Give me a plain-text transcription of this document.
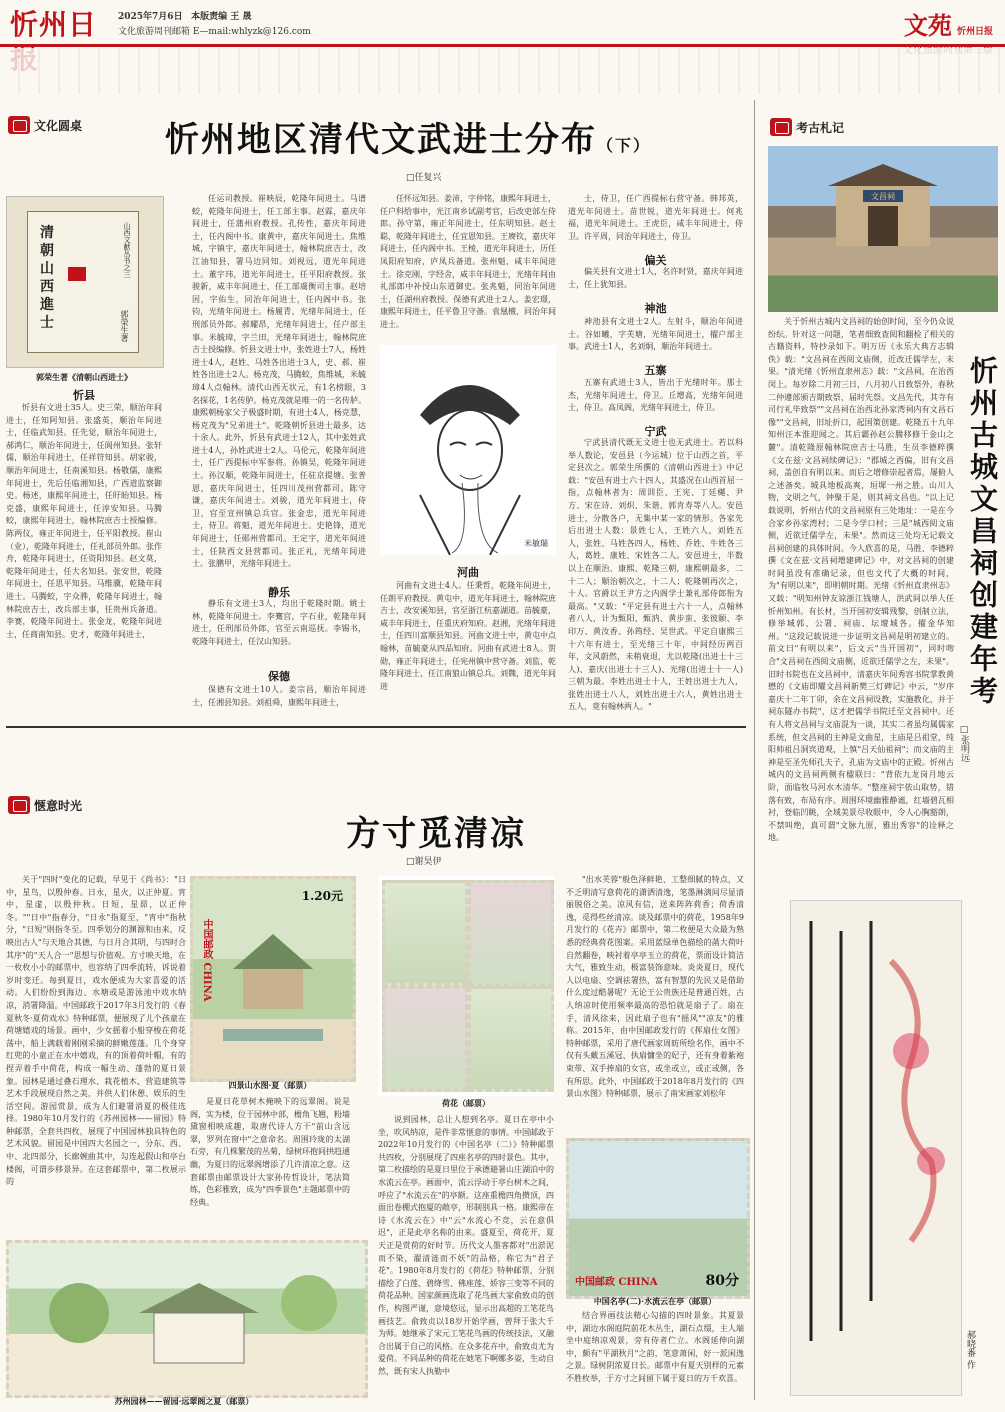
忻州日	2025年7月6日 本版责编 王 晟
文化旅游周刊邮箱 E—mail:whlyzk@126.com	文苑 忻州日报
文化圆桌 忻州地区清代文武进士分布（下）
□任复兴
清朝山西進士
山西文献丛书之三
郭榮生著
郭荣生著《清朝山西进士》
忻县

忻县有文进士35人。史三荣，顺治年间进士，任知阿知县。张盛英，顺治年间进士，任临武知县。任先觉，顺治年间进士，郝鸿仁，顺治年间进士，任阆州知县。张轩儒，顺治年间进士，任祥符知县。胡家骏，顺治年间进士，任南溪知县。杨敬儒，康熙年间进士，先后任临湘知县，广西道监察御史。杨述，康熙年间进士，任盱眙知县。杨克盛，康熙年间进士，任淳安知县。马腾蛟，康熙年间进士，翰林院庶吉士授编修。陈两仪，雍正年间进士，任平阳教授。崔山（业），乾隆年间进士，任礼部员外郎。张作舟，乾隆年间进士，任资阳知县。赵文莫，乾隆年间进士，任大名知县。张安世，乾隆年间进士，任思平知县。马维骥，乾隆年间进士。马腾蛟，字众骅，乾隆年间进士，翰林院庶吉士，改兵部主事，任贵州兵备道。李赛，乾隆年间进士。张金龙，乾隆年间进士，任商南知县。史才，乾隆年间进士，

任运司教授。崔映辰，乾隆年间进士。马谱蛟，乾隆年间进士，任工部主事。赵霖，嘉庆年间进士，任蒲州府教授。孔传性，嘉庆年间进士，任内阁中书。康黄中，嘉庆年间进士。焦维城，字镇宇，嘉庆年间进士，翰林院庶吉士，改江油知县，署马边同知。刘视远，道光年间进士。董宇玮，道光年间进士，任平阳府教授。张骏新，咸丰年间进士，任工部虞衡司主事。赵培因，字佑生，同治年间进士，任内阁中书。张钧，光绪年间进士。杨履青，光绪年间进士，任刑部员外郎。郝耀昂，光绪年间进士，任户部主事。米毓璋，字兰田，光绪年间进士，翰林院庶吉士授编修。忻县文进士中，张姓进士7人，杨姓进士4人，赵姓、马姓各出进士3人，史、郝、崔姓各出进士2人。杨克茂，马腾蛟，焦维城，米毓璋4人点翰林。清代山西无状元，有1名榜眼，3名探花，1名传胪。杨克茂就是唯一的一名传胪。康熙朝杨家父子极盛时期，有进士4人，杨克慧，杨克茂为"兄弟进士"。乾隆朝忻县进士最多，达十余人。此外，忻县有武进士12人，其中张姓武进士4人，孙姓武进士2人。马伦元，乾隆年间进士，任广西提标中军参将。孙镇吴，乾隆年间进士。孙汉顺，乾隆年间进士，任驻京提塘。张普恩，嘉庆年间进士，任四川茂州营都司。陈守谦，嘉庆年间进士。刘骏，道光年间进士，侍卫，官至宣州镇总兵官。张金忠，道光年间进士，侍卫。蒋魁，道光年间进士。史艳锋，道光年间进士，任郧州营都司。王定宇，道光年间进士，任陕西文县营都司。张正礼，光绪年间进士。张鹏甲，光绪年间进士。

静乐

静乐有文进士3人，均出于乾隆时期。姚士林，乾隆年间进士。李騫宫，字石业，乾隆年间进士，任刑部员外郎，官至云南巡抚。李锡书，乾隆年间进士，任汉山知县。

保德

保德有文进士10人。姜宗昌，顺治年间进士，任湘县知县。刘祖舜，康熙年间进士，

任怀远知县。姜沛，字仲铭，康熙年间进士，任户科给事中，光江南乡试副考官，后改吏部左侍郎。孙守第，雍正年间进士，任东明知县。赵士聪，乾隆年间进士，任宜恩知县。王赓钦，嘉庆年间进士，任内阁中书。王棱，道光年间进士，历任凤阳府知府，庐凤兵备道。张州魁，咸丰年间进士。徐克刚，字经舍，咸丰年间进士，光绪年间由礼部郎中补授山东道御史。张兆魁，同治年间进士，任湖州府教授。保德有武进士2人。姜宏璟，康熙年间进士，任平鲁卫守备。袁凰檀，同治年间进士。

米敏瑞
河曲

河曲有文进士4人。任秉哲，乾隆年间进士，任朗平府教授。黄屯中，道光年间进士，翰林院庶吉士，改安溪知县，官至浙江杭嘉湖道。苗毓豪，咸丰年间进士，任重庆府知府。赵湘，光绪年间进士，任四川富顺县知县。河曲文进士中，黄屯中点翰林，苗毓豪从四品知府。河曲有武进士8人。贺勋，雍正年间进士，任宪州镇中营守备。刘监，乾隆年间进士，任江南狼山镇总兵。刘魏，道光年间进

士，侍卫，任广西提标右营守备。韩邦英，道光年间进士。苗世锐，道光年间进士。何兆福，道光年间进士。王虎臣，咸丰年间进士，侍卫。许平周，同治年间进士，侍卫。

偏关

偏关县有文进士1人，名许时贤，嘉庆年间进士，任上犹知县。

神池

神池县有文进士2人。左射斗，顺治年间进士。谷如曦，字芙塘，光绪年间进士，擢户部主事。武进士1人，名刘炯，顺治年间进士。

五寨

五寨有武进士3人，皆出于光绪时年。那士杰，光绪年间进士，侍卫。丘增高，光绪年间进士，侍卫。高凤阁，光绪年间进士，侍卫。

宁武

宁武县清代既无文进士也无武进士。若以科举人数论，安邑县（今运城）位于山西之首，平定县次之。郭荣生所撰的《清朝山西进士》中记载："安邑有进士六十四人，其盛况在山西首屈一指，点翰林者为：周训臣、王宪、丁廷樾、尹方、宋在诗、刘炽、朱谐、郭肯寿等八人。安邑进士，分散各户，无集中某一家的情形。各家先后出进士人数：景姓七人，王姓六人，刘姓五人，张姓、马姓各四人，杨姓、乔姓、牛姓各三人，葛姓、康姓、宋姓各二人。安邑进士，半数以上在顺治、康熙、乾隆三朝，康熙朝最多，二十二人；顺治朝次之，十二人；乾隆朝再次之，十人。官爵以王尹方之内阁学士兼礼部侍郎衔为最高。"又载："平定县有进士六十一人，点翰林者八人，计为甄阳、甄汭、黄步蛮、张彼颐、李印万、黄汝香、孙筠经、吴世武。平定自康熙三十六年有进士，至光绪三十年，中间经历两百年，文风蔚然，未稍衰退，尤以乾隆(出进士十三人)、嘉庆(出进士十三人)、光绪(出进士十一人)三朝为最。李姓出进士十人，王姓出进士九人，张姓出进士八人，刘姓出进士六人，黄姓出进士五人，竟有翰林两人。"

惬意时光
方寸觅清凉
□谢昊伊

关于"四时"变化的记载，早见于《尚书》："日中，星鸟，以殷仲春。日永，星火，以正仲夏。宵中，星虚，以殷仲秋。日短，星昴，以正仲冬。""日中"指春分，"日永"指夏至，"宵中"指秋分，"日短"则指冬至。四季划分的渊源和由来，反映出古人"与天地合其德，与日月合其明，与四时合其序"的"天人合一"思想与价值观。方寸映天地，在一枚枚小小的邮票中，也容纳了四季流转，诉说着岁时变迁。每到夏日，戏水便成为大家喜爱的活动。人们纷纷到海边、水塘或是游泳池中戏水纳凉，消署降温。中国邮政于2017年3月发行的《春夏秋冬·夏荷戏水》特种邮票，便展现了儿个孩童在荷塘嬉戏的场景。画中，少女摇着小船穿梭在荷花荡中，船上满载着刚刚采摘的鲜嫩莲蓬。几个身穿红兜的小童正在水中嬉戏，有的顶着荷叶帽，有的捏弄着手中荷花，构成一幅生动、蓬勃的夏日景象。园林是通过叠石理水、栽花植木、营造建筑等艺术手段展现自然之美，并供人们休憩、娱乐的生活空间。游园赏景，成为人们避署消夏的极佳选择。1980年10月发行的《苏州园林——留园》特种邮票，全套共四枚，展现了中国园林独具特色的艺术风貌。留园是中国四大名园之一，分东、西、中、北四部分，长廊婉曲其中，勾连起假山和亭台楼阁，可谓步移景异。在这套邮票中，第二枚展示的

中国邮政 CHINA
1.20元
四景山水图·夏（邮票）

是夏日花草树木掩映下的远翠阁。说是阁，实为楼，位于园林中部，檐角飞翘，粉墙黛窗相映成趣，取唐代诗人方干"前山含远翠，罗列在窗中"之意命名。周围玲珑的太湖石旁，有几株繁茂的丛菊，绿树环抱间拱趋通幽，为夏日的远翠阁增添了几许清凉之意。这套邮票由邮票设计大家孙传哲设计，笔法简练，色彩雅致，成为"四季景色"主题邮票中的经典。

荷花（邮票）

说到园林，总让人想到名亭。夏日在亭中小坐，吹风纳凉，是件非常惬意的事情。中国邮政于2022年10月发行的《中国名亭（二）》特种邮票共四枚，分别展现了四座名亭的四时景色。其中，第二枚描绘的是夏日里位于承德避暑山庄湖泊中的水流云在亭。画面中，流云浮动于亭台树木之间，呼应了"水流云在"的亭额。这座重檐四角攒顶，四面出卷棚式抱厦的敞亭，形制别具一格。康熙帝在诗《水流云在》中"云"水流心不竞，云在意俱迟"，正是此亭名称的由来。盛夏至，荷花开，夏天正是赏荷的好时节。历代文人墨客都对"出淤泥而不染，濯清涟而不妖"的品格，称它为"君子花"。1980年8月发行的《荷花》特种邮票，分别描绘了白莲、碧绛雪、佛座莲、娇容三变等不同的荷花品种。国家颜画选取了花鸟画大家俞致贞的创作，构图严谨，意境悠远，显示出高超的工笔花鸟画技艺。俞致贞以18岁开始学画，曾拜于张大千为师。她继承了宋元工笔花鸟画的传统技法，又融合出属于自己的风格。在众多花卉中，俞致贞尤为爱荷。不同品种的荷花在她笔下啊娜多姿，生动自然，既有宋人执勒中

"出水芙蓉"般色泽鲜艳、工整细腻的特点，又不乏明清写意荷花的潇洒清逸，笔墨淋漓间尽显清丽脱俗之美。凉风有信，送来阵阵荷香；荷香清逸，觅得些丝清凉。谈及邮票中的荷花，1958年9月发行的《花卉》邮票中，第二枚便是大众最为熟悉的经典荷花图案。采用蓝绿单色描绘的菡大荷叶自然翻卷，映衬着亭亭玉立的荷花，票面设计简洁大气，雅致生动，极富装饰意味。炎炎夏日，现代人以电扇、空调祛署热，富有智慧的先民又是借助什么度过酷暑呢？无论王公贵族还是普通百姓，古人纳凉时使用频率最高的恐怕就是扇子了。扇在手，清风徐来，因此扇子也有"摇风""凉友"的雅称。2015年，由中国邮政发行的《挥扇仕女图》特种邮票，采用了唐代画家周昉所绘名作，画中不仅有头戴五溪冠、执扇慵坐的妃子，还有身着紫袍束带、双手捧扇的女官，或坐或立，或正或侧，各有所思。此外，中国邮政于2018年8月发行的《四景山水图》特种邮票，展示了南宋画家刘松年

中国邮政 CHINA	80分
中国名亭(二)·水流云在亭（邮票）

结合界画技法精心勾描的四时景象。其夏景中，湖边水阁庭院前花木丛生，湖石点缀，主人端坐中庭纳凉观景，旁有侍者伫立。水阁延伸向湖中，颇有"平湖秋月"之韵，笔意萧闲，好一派闲逸之景。绿树阴浓夏日长。邮票中有夏天别样的元素不胜枚举，于方寸之间留下属于夏日的万千欢喜。

苏州园林——留园·远翠阁之夏（邮票）
考古札记
文昌祠

关于忻州古城内文昌祠的始创时间，至今仍众说纷纭。针对这一问题，笔者细致查阅和翻检了相关的古籍资料，特抄录如下。明万历《永乐大典方志辑佚》载："文昌祠在西阅文庙侧，近改迁儒学左，未果。"清光绪《忻州直隶州志》载："文昌祠，在治西闵上。每岁除二月初三日，八月初八日致祭外，春秋二仲遵部颁吉期致祭，届时先祭。文昌先代，其寺有司行礼毕致祭""文昌祠在治西北孙家湾祠内有文昌石像""文昌祠，旧址折口，起国策创建。乾隆五十九年知州汪本淮迎闻之。其后霸孙赵公腾移修于金山之麓"。清乾隆原翰林院庶吉士马胜，生员李德粹撰《文在兹·文昌祠续碑记》："郡城之西偏，旧有文昌祠，盖创自有明以来。而后之增修崇起者焉，屡俯人之述备矣。城具地板高爽，垣墀一州之胜。山川人物，文明之气，钟聚于是，则其祠文昌也。"以上记载说明，忻州古代的文昌祠原有三处地址：一是在今合家乡孙家湾村；二是今学口村；三是"城西阅文庙侧，近欲迁儒学左，未果"。然而这三处均无记载文昌祠创建的具体时间。今人欣喜的是，马胜、李德粹撰《文在兹·文昌祠增建碑记》中，对文昌祠的创建时间虽没有准确记录，但也文代了大概的时间，为"有明以来"，即明朝时期。光绪《忻州直隶州志》又载："明知州钟友谅浙江钱塘人，洪武间以举人任忻州知州。有长材，当开国初安辑残黎，创制立法，修举城郭、公署、祠庙、坛壇城各。擢金华知州。"这段记载说进一步证明文昌祠是明初建立的。前文曰"有明以来"，后文云"当开国初"，同时吻合"文昌祠在西阅文庙侧，近欲迁儒学之左，未果"。旧时书院也在文昌祠中，清嘉庆年间秀容书院掌教黄懋的《文庙即耀文昌祠新樊三灯碑记》中云，"岁序嘉庆十二年丁卯，余在文昌祠设教，实施教化，并于祠东隧办书院"，这才把儒学书院迁至文昌祠中。还有人将文昌祠与文庙混为一谈，其实二者虽均属儒家系统，但文昌祠的主神是文曲星，主庙是吕祖堂，纯阳帅祖吕洞宾道观，上慎"吕天仙祖祠"；而文庙的主神是至圣先师孔夫子，孔庙为文庙中的正殿。忻州古城内的文昌祠两侧有楹联曰："背依九龙岗月地云阶，面临牧马河水木清华。"整座祠宇依山取势，错落有致，布局有序。周围环境幽雅静谧，红墙碧瓦相衬，登临凹眺，全域美景尽收眼中，令人心胸豁朗，不禁叫绝，真可谓"文脉九原，雅出秀容"的诠释之地。

忻州古城文昌祠创建年考
□张明远
郝晓番 作
